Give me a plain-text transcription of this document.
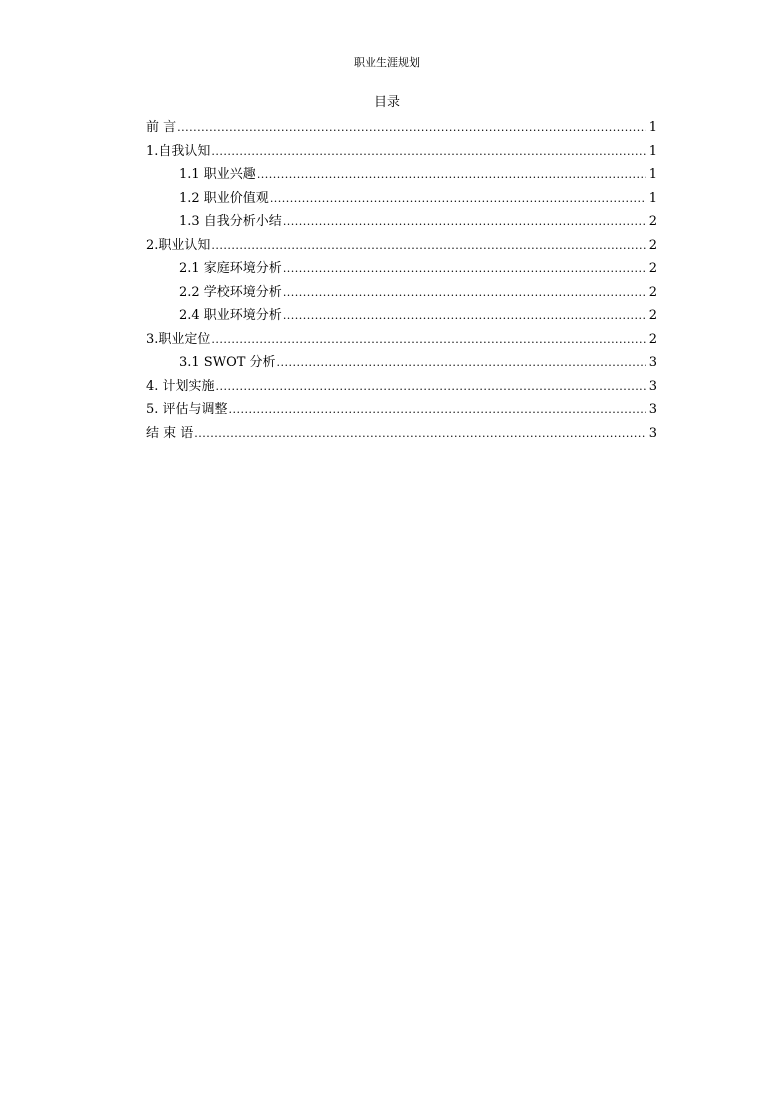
职业生涯规划
目录
前 言 .....	1
1.自我认知 .....	1
1.1 职业兴趣 .....	1
1.2 职业价值观 .....	1
1.3 自我分析小结 .....	2
2.职业认知 .....	2
2.1 家庭环境分析 .....	2
2.2 学校环境分析 .....	2
2.4 职业环境分析 .....	2
3.职业定位 .....	2
3.1 SWOT 分析 .....	3
4. 计划实施 .....	3
5. 评估与调整 .....	3
结 束 语 .....	3
